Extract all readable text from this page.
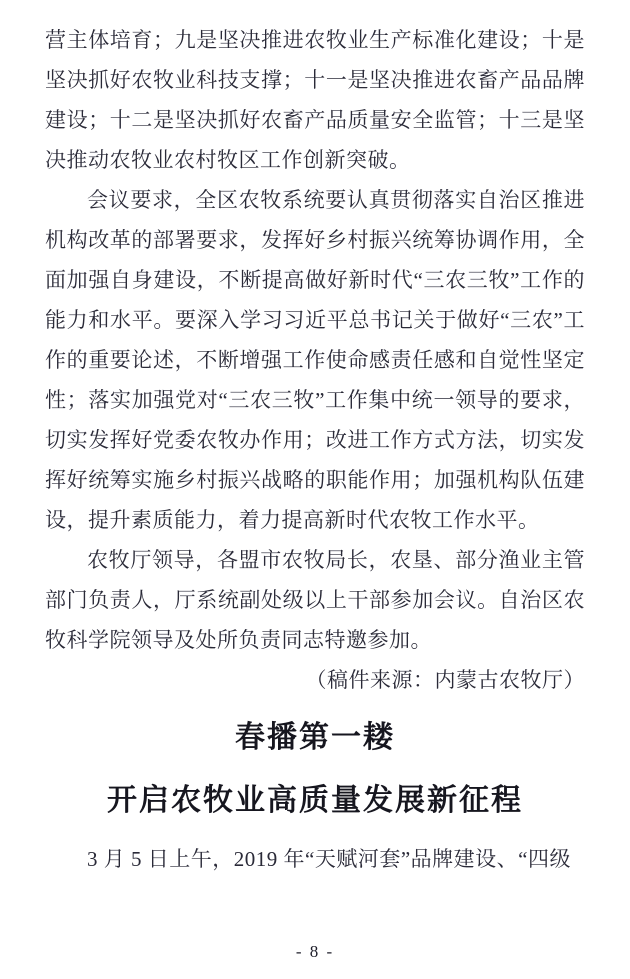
营主体培育；九是坚决推进农牧业生产标准化建设；十是坚决抓好农牧业科技支撑；十一是坚决推进农畜产品品牌建设；十二是坚决抓好农畜产品质量安全监管；十三是坚决推动农牧业农村牧区工作创新突破。

会议要求，全区农牧系统要认真贯彻落实自治区推进机构改革的部署要求，发挥好乡村振兴统筹协调作用，全面加强自身建设，不断提高做好新时代“三农三牧”工作的能力和水平。要深入学习习近平总书记关于做好“三农”工作的重要论述，不断增强工作使命感责任感和自觉性坚定性；落实加强党对“三农三牧”工作集中统一领导的要求，切实发挥好党委农牧办作用；改进工作方式方法，切实发挥好统筹实施乡村振兴战略的职能作用；加强机构队伍建设，提升素质能力，着力提高新时代农牧工作水平。

农牧厅领导，各盟市农牧局长，农垦、部分渔业主管部门负责人，厅系统副处级以上干部参加会议。自治区农牧科学院领导及处所负责同志特邀参加。

（稿件来源：内蒙古农牧厅）

春播第一耧
开启农牧业高质量发展新征程

3 月 5 日上午，2019 年“天赋河套”品牌建设、“四级

- 8 -
